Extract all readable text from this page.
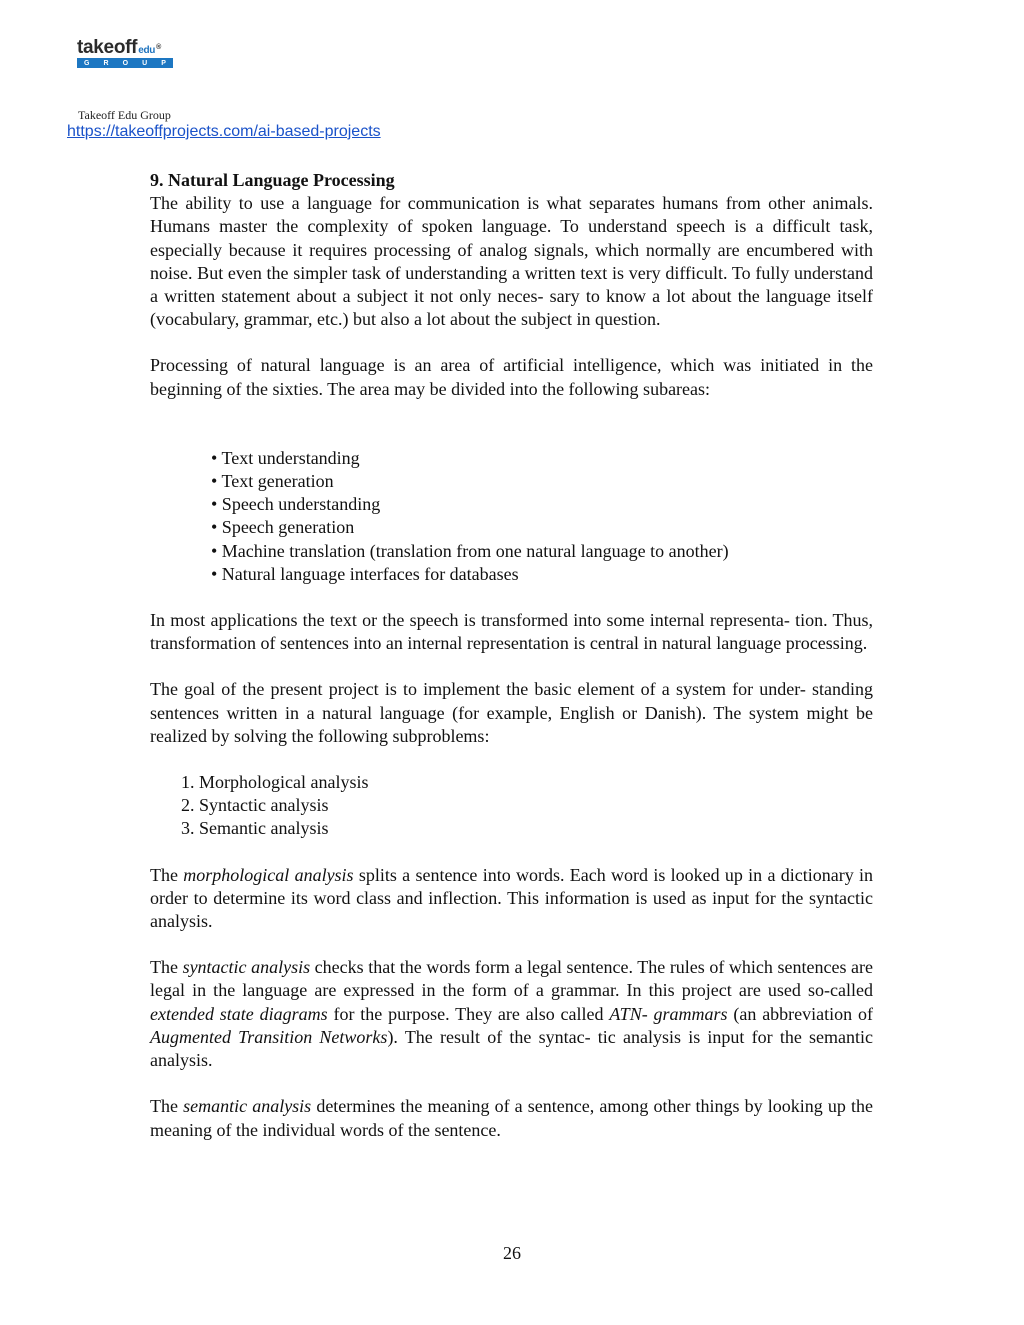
takeoffedu®
G R O U P
Takeoff Edu Group
https://takeoffprojects.com/ai-based-projects

9. Natural Language Processing

The ability to use a language for communication is what separates humans from other animals. Humans master the complexity of spoken language. To understand speech is a difficult task, especially because it requires processing of analog signals, which normally are encumbered with noise. But even the simpler task of understanding a written text is very difficult. To fully understand a written statement about a subject it not only neces- sary to know a lot about the language itself (vocabulary, grammar, etc.) but also a lot about the subject in question.

Processing of natural language is an area of artificial intelligence, which was initiated in the beginning of the sixties. The area may be divided into the following subareas:

• Text understanding
• Text generation
• Speech understanding
• Speech generation
• Machine translation (translation from one natural language to another)
• Natural language interfaces for databases

In most applications the text or the speech is transformed into some internal representa- tion. Thus, transformation of sentences into an internal representation is central in natural language processing.

The goal of the present project is to implement the basic element of a system for under- standing sentences written in a natural language (for example, English or Danish). The system might be realized by solving the following subproblems:

1. Morphological analysis
2. Syntactic analysis
3. Semantic analysis

The morphological analysis splits a sentence into words. Each word is looked up in a dictionary in order to determine its word class and inflection. This information is used as input for the syntactic analysis.

The syntactic analysis checks that the words form a legal sentence. The rules of which sentences are legal in the language are expressed in the form of a grammar. In this project are used so-called extended state diagrams for the purpose. They are also called ATN- grammars (an abbreviation of Augmented Transition Networks). The result of the syntac- tic analysis is input for the semantic analysis.

The semantic analysis determines the meaning of a sentence, among other things by looking up the meaning of the individual words of the sentence.

26
